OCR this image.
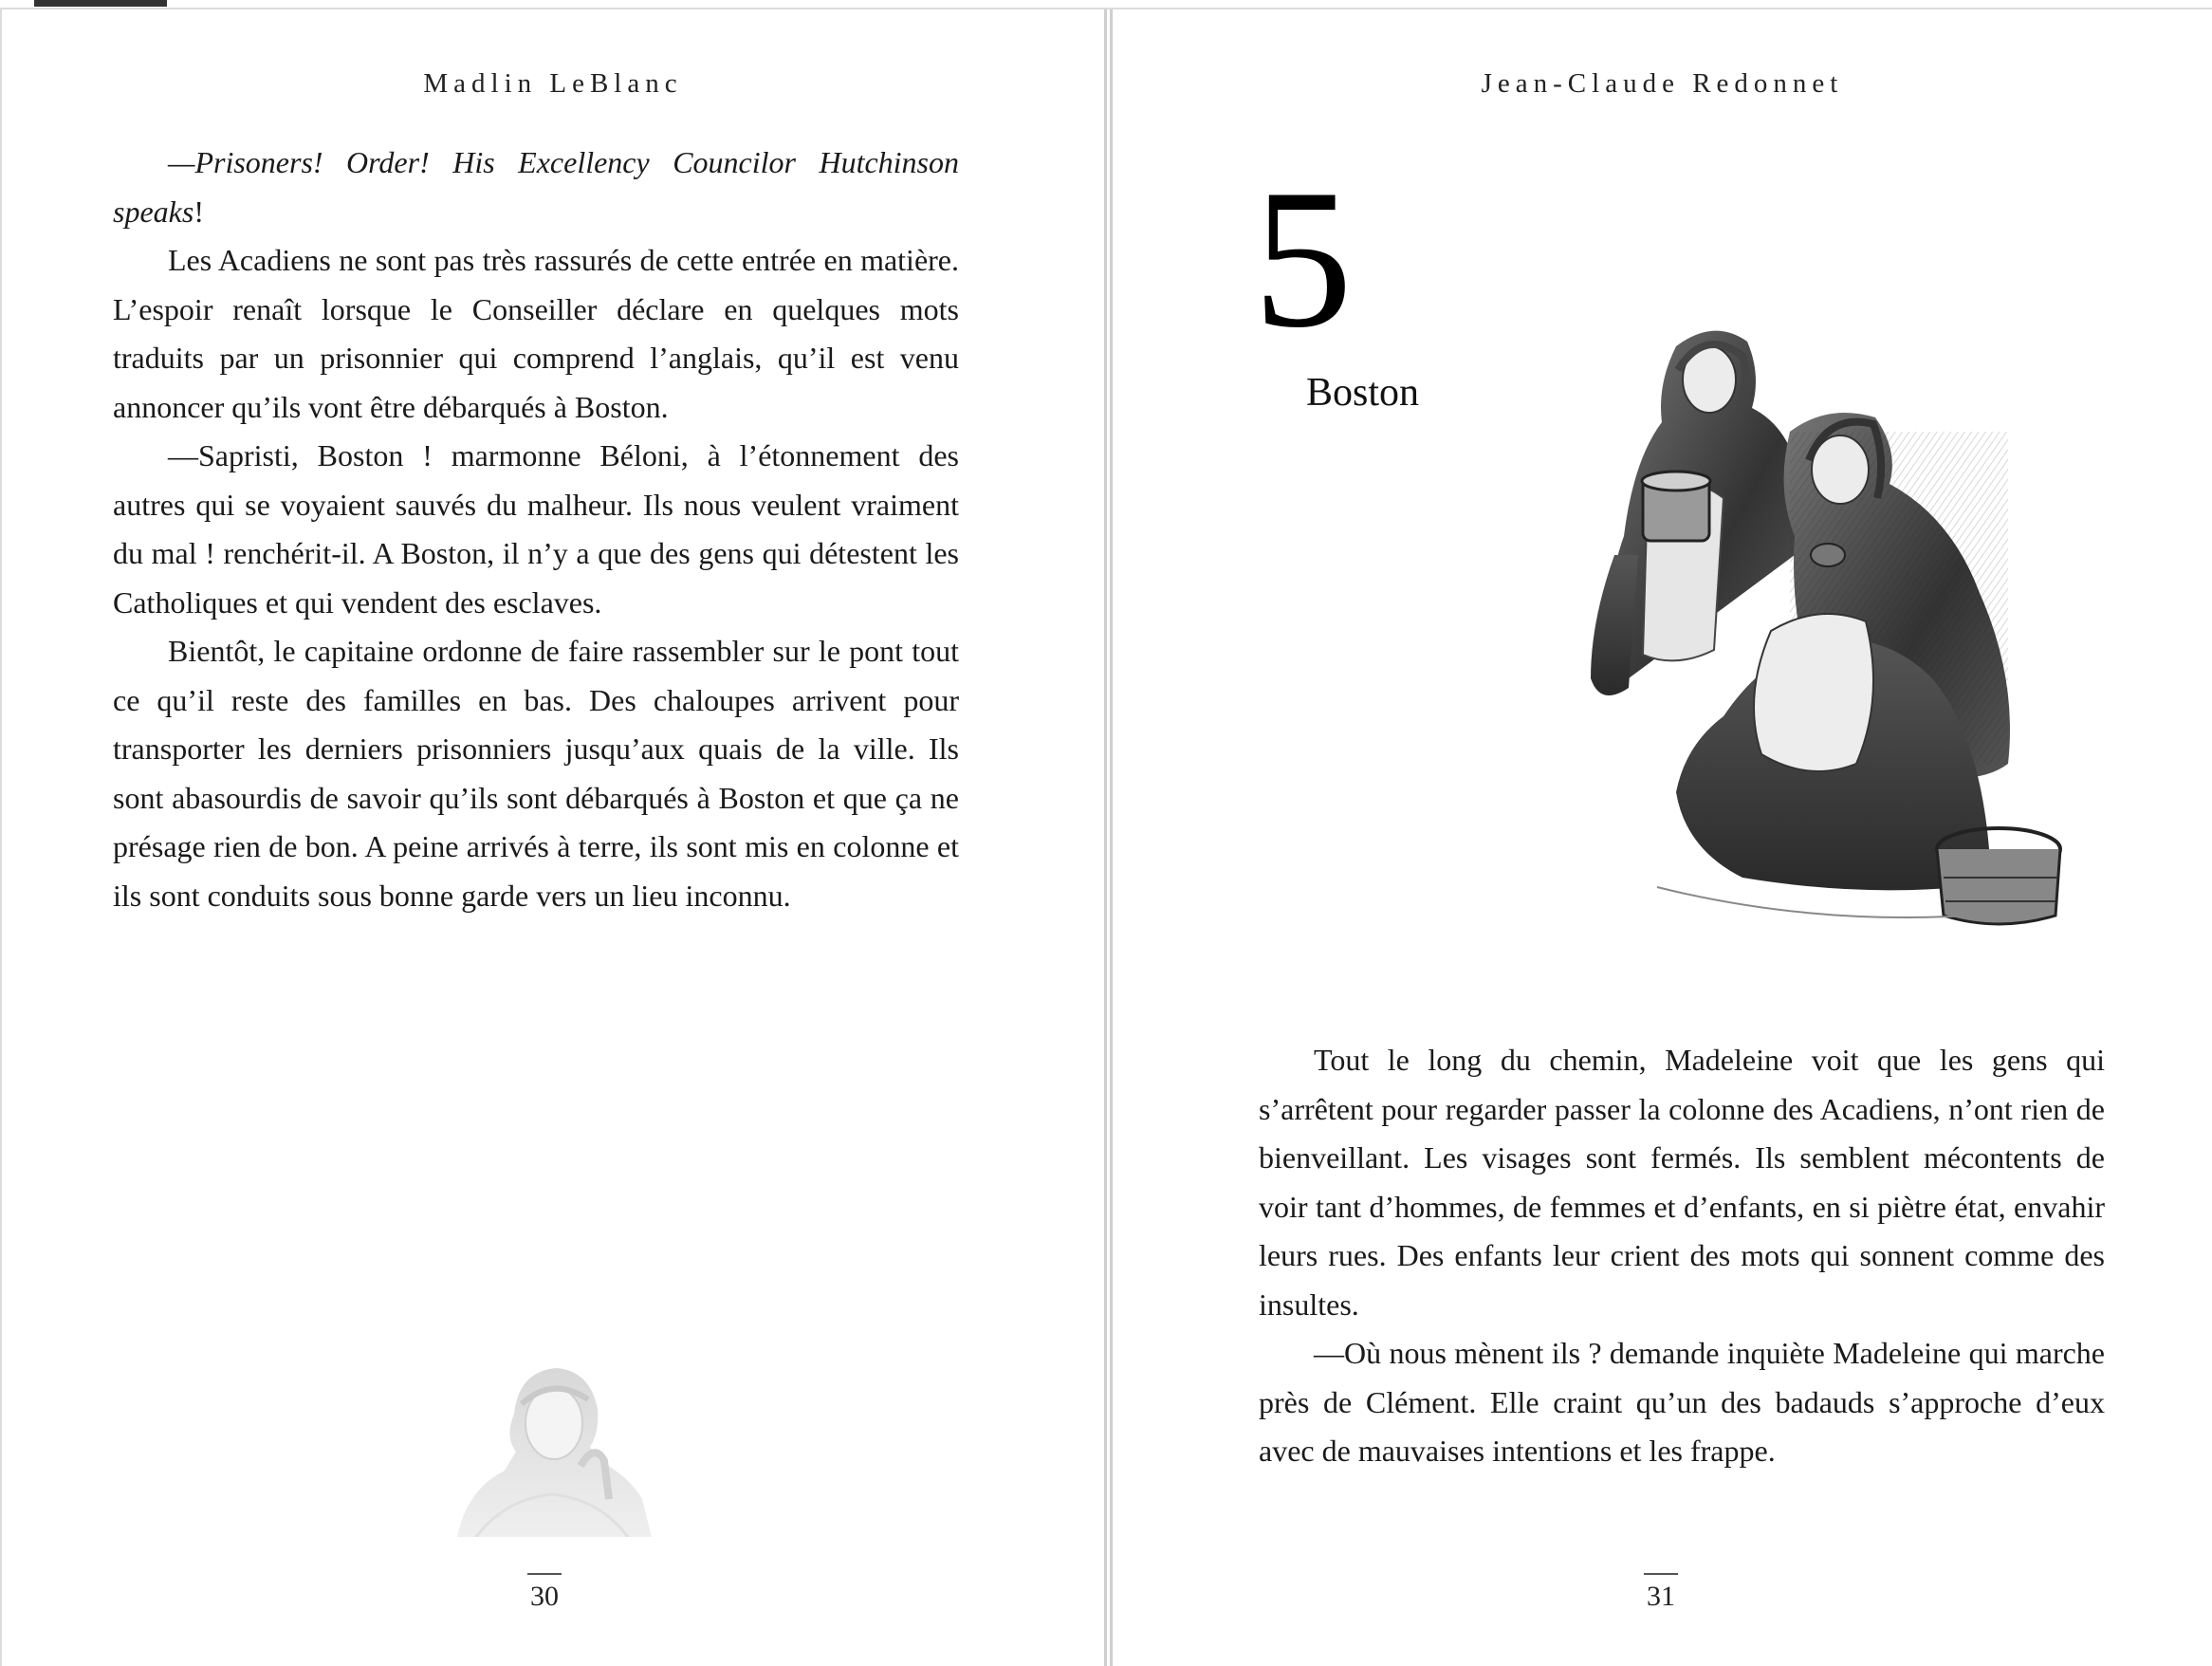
Madlin LeBlanc

—Prisoners! Order! His Excellency Councilor Hutchinson speaks!

Les Acadiens ne sont pas très rassurés de cette entrée en matière. L’espoir renaît lorsque le Conseiller déclare en quelques mots traduits par un prisonnier qui comprend l’anglais, qu’il est venu annoncer qu’ils vont être débarqués à Boston.

—Sapristi, Boston ! marmonne Béloni, à l’étonnement des autres qui se voyaient sauvés du malheur. Ils nous veulent vraiment du mal ! renchérit-il. A Boston, il n’y a que des gens qui détestent les Catholiques et qui vendent des esclaves.

Bientôt, le capitaine ordonne de faire rassembler sur le pont tout ce qu’il reste des familles en bas. Des chaloupes arrivent pour transporter les derniers prisonniers jusqu’aux quais de la ville. Ils sont abasourdis de savoir qu’ils sont débarqués à Boston et que ça ne présage rien de bon. A peine arrivés à terre, ils sont mis en colonne et ils sont conduits sous bonne garde vers un lieu inconnu.

30
Jean-Claude Redonnet
5
Boston

Tout le long du chemin, Madeleine voit que les gens qui s’arrêtent pour regarder passer la colonne des Acadiens, n’ont rien de bienveillant. Les visages sont fermés. Ils semblent mécontents de voir tant d’hommes, de femmes et d’enfants, en si piètre état, envahir leurs rues. Des enfants leur crient des mots qui sonnent comme des insultes.

—Où nous mènent ils ? demande inquiète Madeleine qui marche près de Clément. Elle craint qu’un des badauds s’approche d’eux avec de mauvaises intentions et les frappe.

31
